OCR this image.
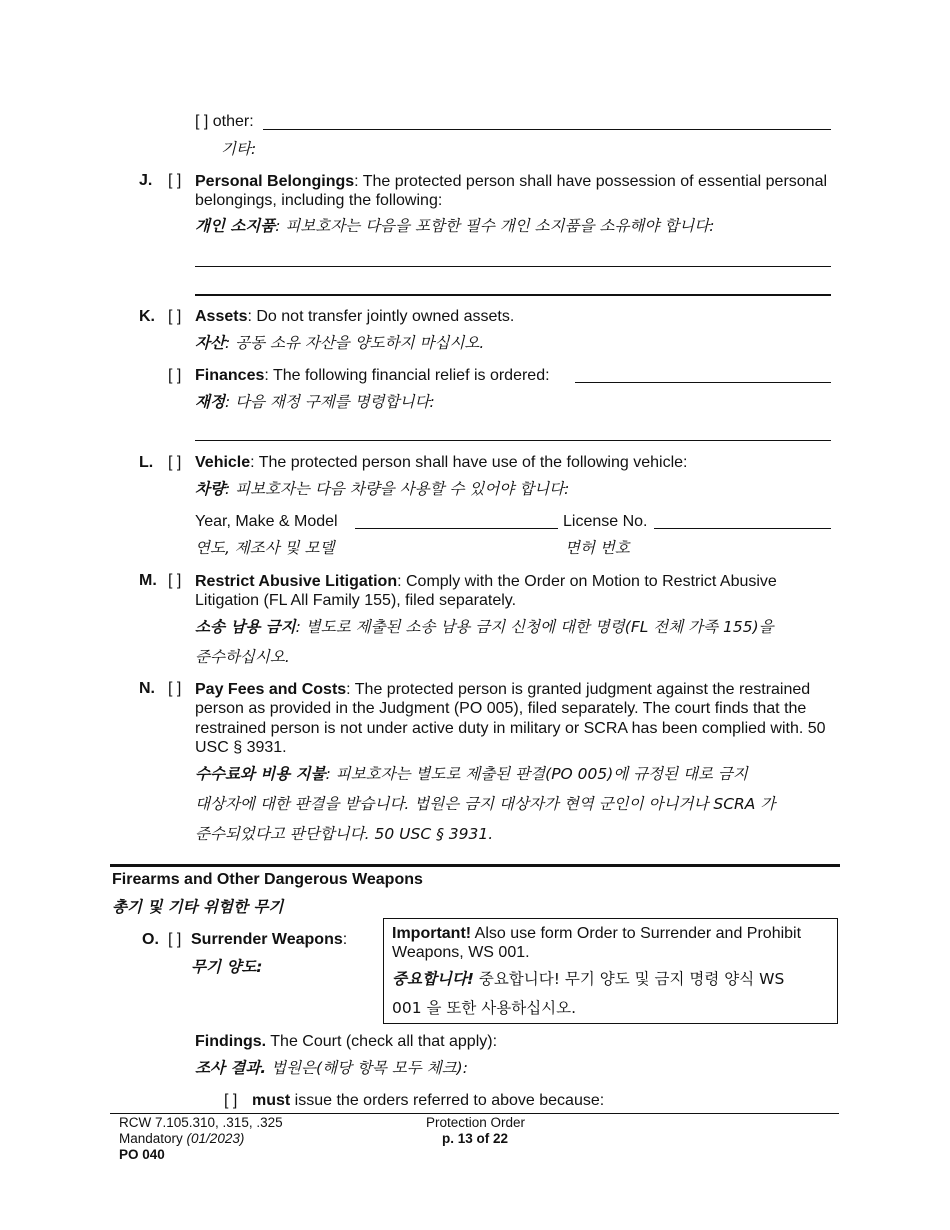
[ ] other:
기타:
J. [ ] Personal Belongings: The protected person shall have possession of essential personal belongings, including the following:
개인 소지품: 피보호자는 다음을 포함한 필수 개인 소지품을 소유해야 합니다:
K. [ ] Assets: Do not transfer jointly owned assets.
자산: 공동 소유 자산을 양도하지 마십시오.
[ ] Finances: The following financial relief is ordered:
재정: 다음 재정 구제를 명령합니다:
L. [ ] Vehicle: The protected person shall have use of the following vehicle:
차량: 피보호자는 다음 차량을 사용할 수 있어야 합니다:
Year, Make & Model	License No.
연도, 제조사 및 모델	면허 번호
M. [ ] Restrict Abusive Litigation: Comply with the Order on Motion to Restrict Abusive Litigation (FL All Family 155), filed separately.
소송 남용 금지: 별도로 제출된 소송 남용 금지 신청에 대한 명령(FL 전체 가족 155)을
준수하십시오.
N. [ ] Pay Fees and Costs: The protected person is granted judgment against the restrained person as provided in the Judgment (PO 005), filed separately. The court finds that the restrained person is not under active duty in military or SCRA has been complied with. 50 USC § 3931.
수수료와 비용 지불: 피보호자는 별도로 제출된 판결(PO 005)에 규정된 대로 금지
대상자에 대한 판결을 받습니다. 법원은 금지 대상자가 현역 군인이 아니거나 SCRA 가
준수되었다고 판단합니다. 50 USC § 3931.
Firearms and Other Dangerous Weapons
총기 및 기타 위험한 무기
O. [ ] Surrender Weapons:
무기 양도:
Important! Also use form Order to Surrender and Prohibit Weapons, WS 001.
중요합니다! 중요합니다! 무기 양도 및 금지 명령 양식 WS
001 을 또한 사용하십시오.
Findings. The Court (check all that apply):
조사 결과. 법원은(해당 항목 모두 체크):
[ ] must issue the orders referred to above because:
RCW 7.105.310, .315, .325
Mandatory (01/2023)
PO 040
Protection Order
p. 13 of 22
